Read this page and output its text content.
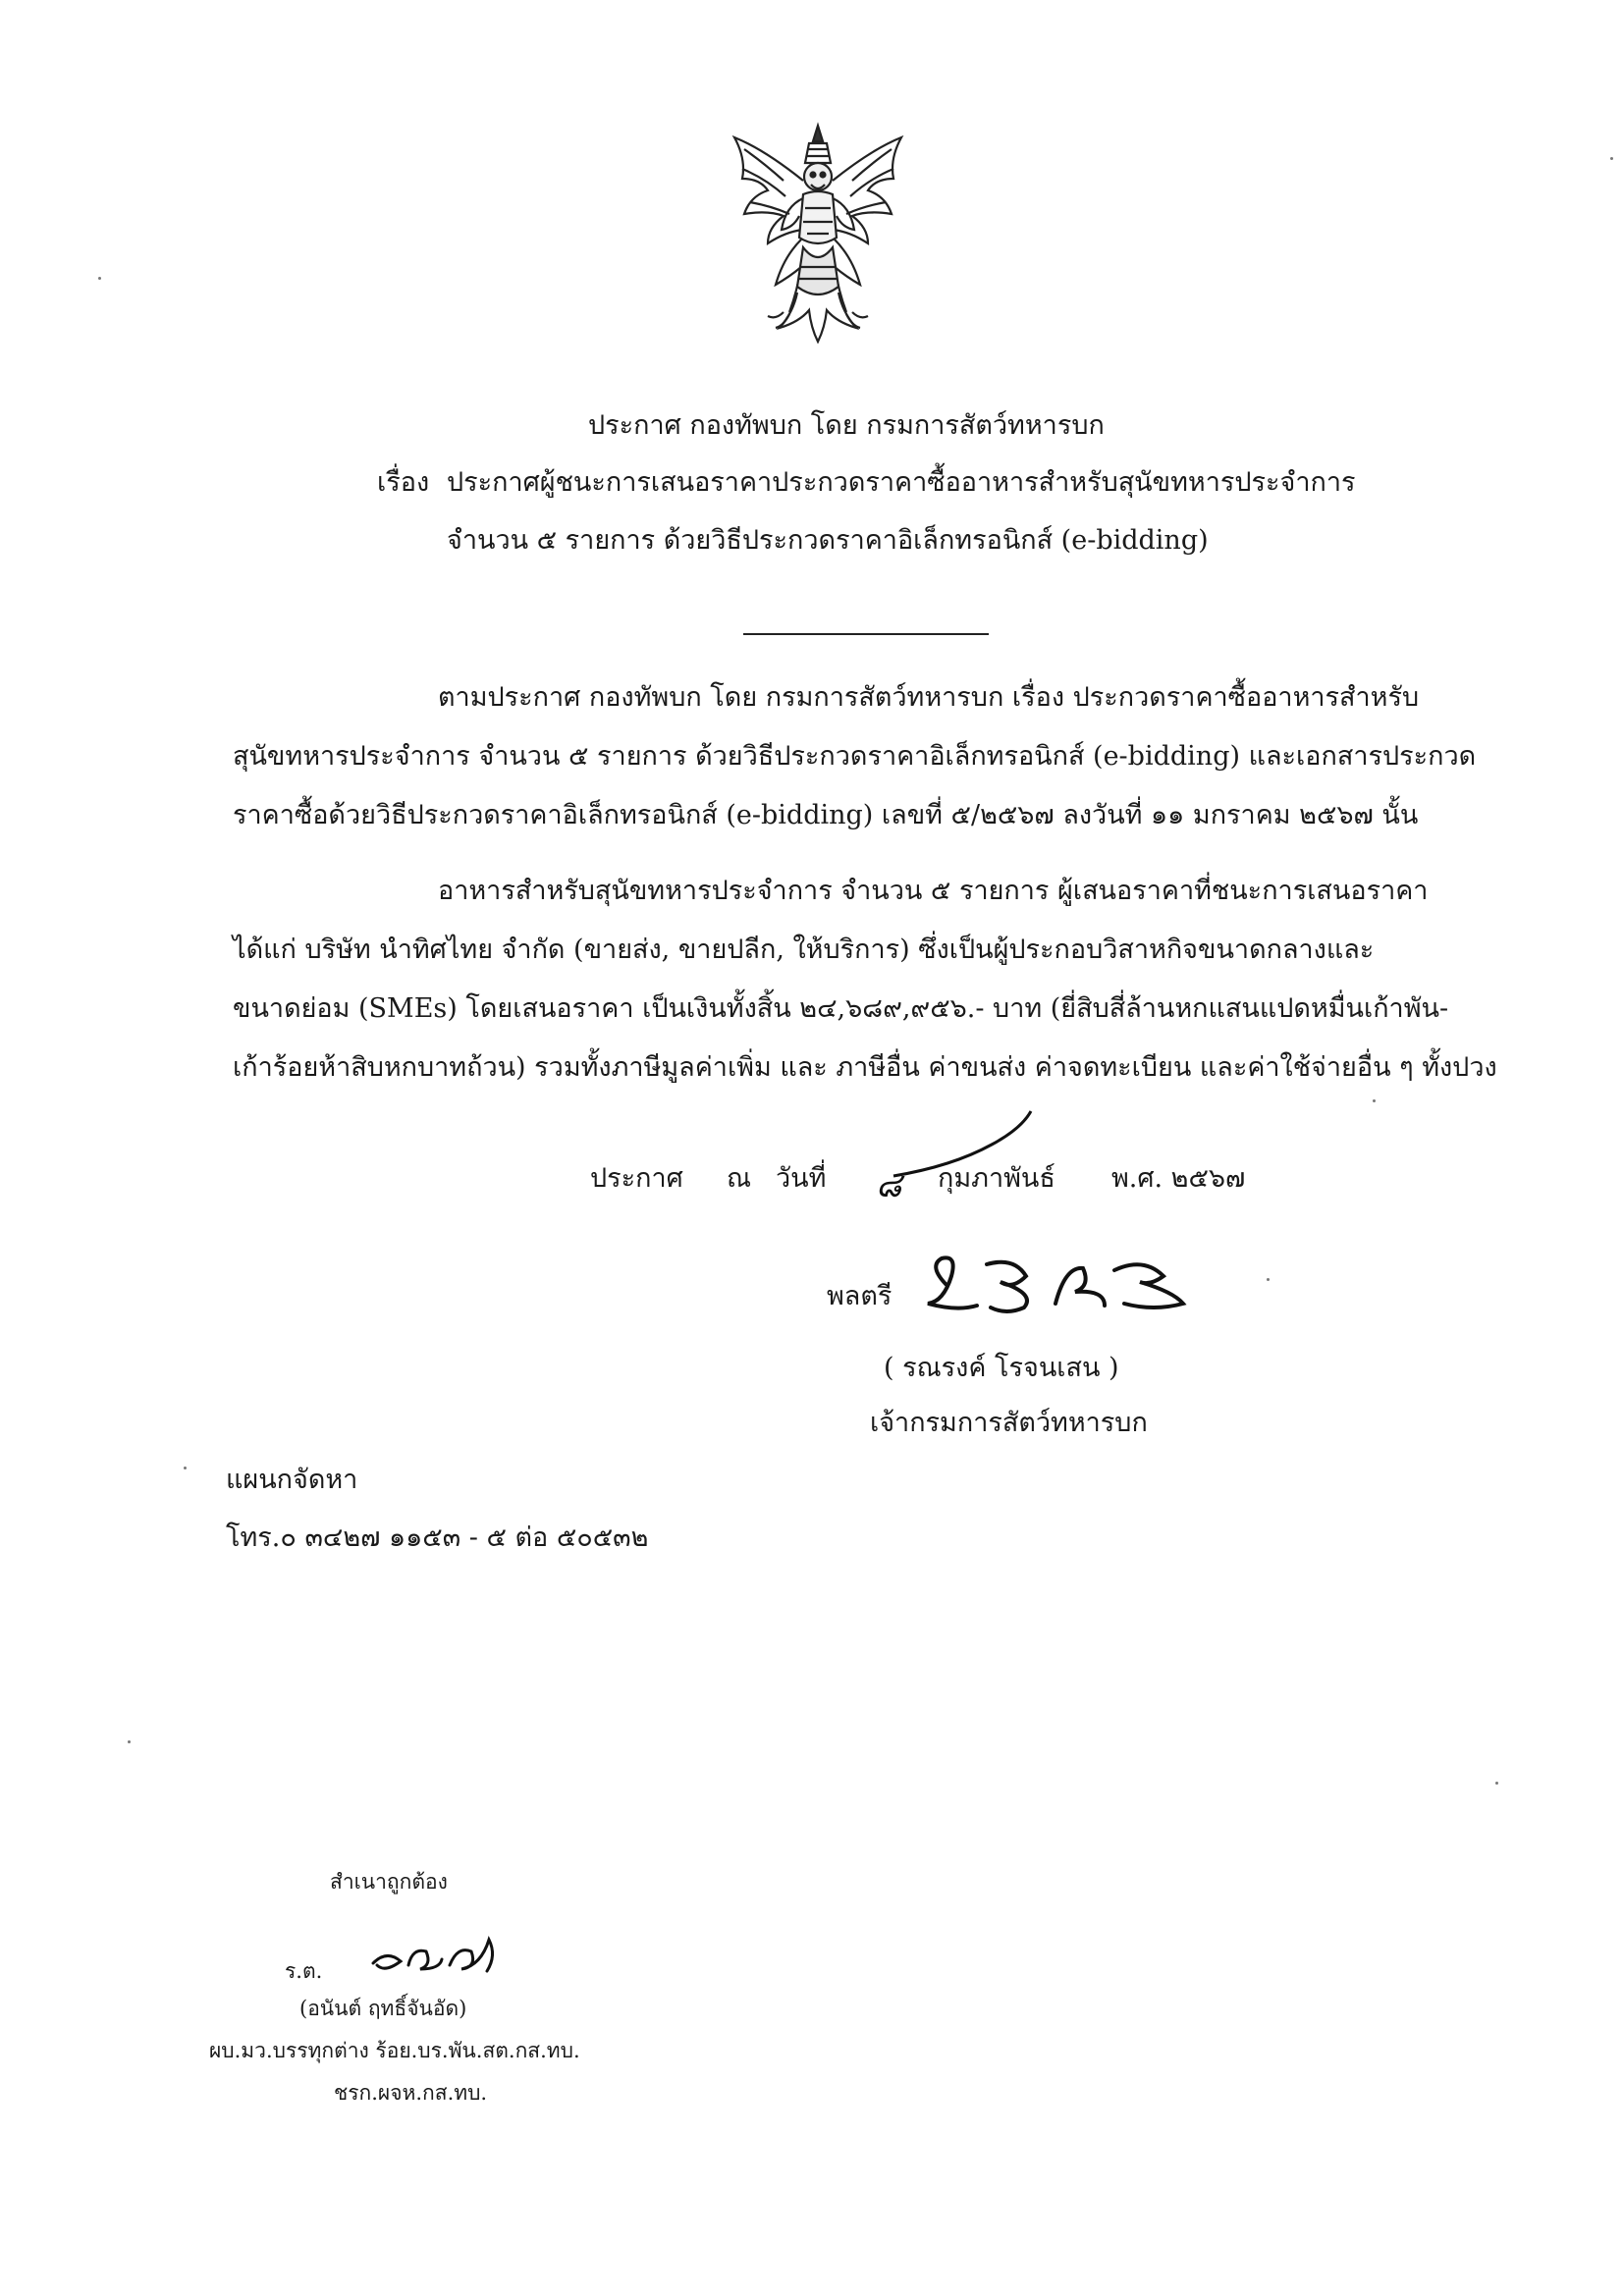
ประกาศ กองทัพบก โดย กรมการสัตว์ทหารบก
เรื่อง ประกาศผู้ชนะการเสนอราคาประกวดราคาซื้ออาหารสำหรับสุนัขทหารประจำการ
จำนวน ๕ รายการ ด้วยวิธีประกวดราคาอิเล็กทรอนิกส์ (e-bidding)
ตามประกาศ กองทัพบก โดย กรมการสัตว์ทหารบก เรื่อง ประกวดราคาซื้ออาหารสำหรับ
สุนัขทหารประจำการ จำนวน ๕ รายการ ด้วยวิธีประกวดราคาอิเล็กทรอนิกส์ (e-bidding) และเอกสารประกวด
ราคาซื้อด้วยวิธีประกวดราคาอิเล็กทรอนิกส์ (e-bidding) เลขที่ ๕/๒๕๖๗ ลงวันที่ ๑๑ มกราคม ๒๕๖๗ นั้น
อาหารสำหรับสุนัขทหารประจำการ จำนวน ๕ รายการ ผู้เสนอราคาที่ชนะการเสนอราคา
ได้แก่ บริษัท นำทิศไทย จำกัด (ขายส่ง, ขายปลีก, ให้บริการ) ซึ่งเป็นผู้ประกอบวิสาหกิจขนาดกลางและ
ขนาดย่อม (SMEs) โดยเสนอราคา เป็นเงินทั้งสิ้น ๒๔,๖๘๙,๙๕๖.- บาท (ยี่สิบสี่ล้านหกแสนแปดหมื่นเก้าพัน-
เก้าร้อยห้าสิบหกบาทถ้วน) รวมทั้งภาษีมูลค่าเพิ่ม และ ภาษีอื่น ค่าขนส่ง ค่าจดทะเบียน และค่าใช้จ่ายอื่น ๆ ทั้งปวง
ประกาศ ณ วันที่ ๘ กุมภาพันธ์ พ.ศ. ๒๕๖๗
พลตรี
( รณรงค์ โรจนเสน )
เจ้ากรมการสัตว์ทหารบก
แผนกจัดหา
โทร.๐ ๓๔๒๗ ๑๑๕๓ - ๕ ต่อ ๕๐๕๓๒
สำเนาถูกต้อง
ร.ต.
(อนันต์ ฤทธิ์จันอัด)
ผบ.มว.บรรทุกต่าง ร้อย.บร.พัน.สต.กส.ทบ.
ชรก.ผจห.กส.ทบ.
